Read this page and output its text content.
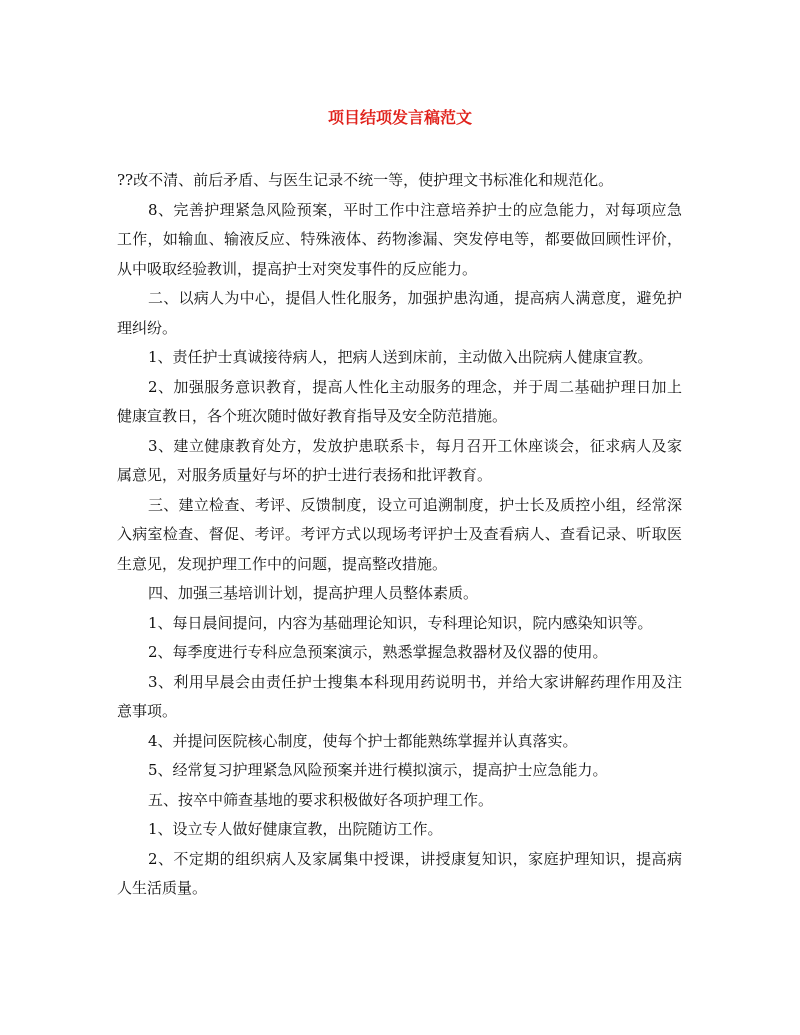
项目结项发言稿范文

??改不清、前后矛盾、与医生记录不统一等，使护理文书标准化和规范化。

8、完善护理紧急风险预案，平时工作中注意培养护士的应急能力，对每项应急工作，如输血、输液反应、特殊液体、药物渗漏、突发停电等，都要做回顾性评价，从中吸取经验教训，提高护士对突发事件的反应能力。

二、以病人为中心，提倡人性化服务，加强护患沟通，提高病人满意度，避免护理纠纷。

1、责任护士真诚接待病人，把病人送到床前，主动做入出院病人健康宣教。

2、加强服务意识教育，提高人性化主动服务的理念，并于周二基础护理日加上健康宣教日，各个班次随时做好教育指导及安全防范措施。

3、建立健康教育处方，发放护患联系卡，每月召开工休座谈会，征求病人及家属意见，对服务质量好与坏的护士进行表扬和批评教育。

三、建立检查、考评、反馈制度，设立可追溯制度，护士长及质控小组，经常深入病室检查、督促、考评。考评方式以现场考评护士及查看病人、查看记录、听取医生意见，发现护理工作中的问题，提高整改措施。

四、加强三基培训计划，提高护理人员整体素质。

1、每日晨间提问，内容为基础理论知识，专科理论知识，院内感染知识等。

2、每季度进行专科应急预案演示，熟悉掌握急救器材及仪器的使用。

3、利用早晨会由责任护士搜集本科现用药说明书，并给大家讲解药理作用及注意事项。

4、并提问医院核心制度，使每个护士都能熟练掌握并认真落实。

5、经常复习护理紧急风险预案并进行模拟演示，提高护士应急能力。

五、按卒中筛查基地的要求积极做好各项护理工作。

1、设立专人做好健康宣教，出院随访工作。

2、不定期的组织病人及家属集中授课，讲授康复知识，家庭护理知识，提高病人生活质量。
